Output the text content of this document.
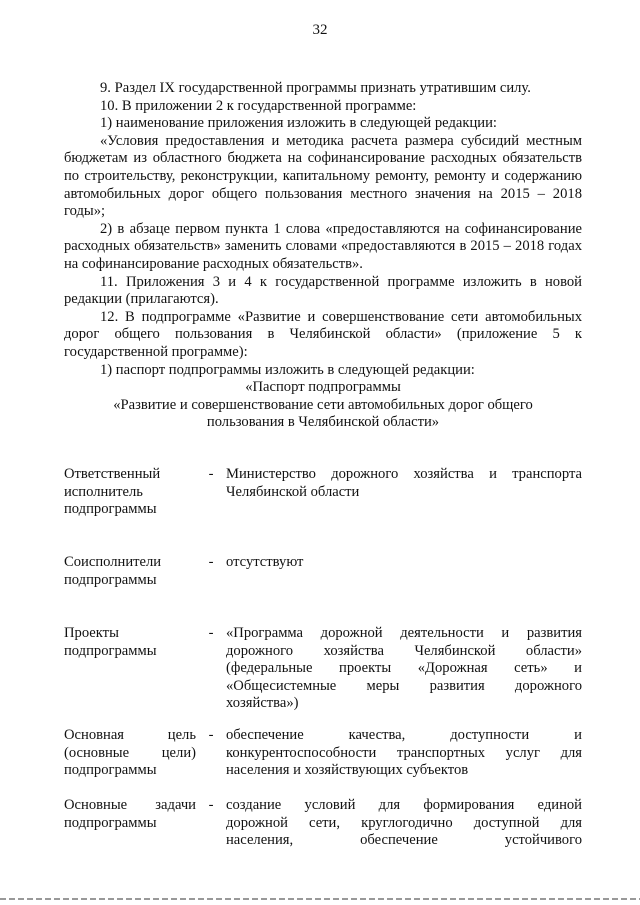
32

9. Раздел IX государственной программы признать утратившим силу.

10. В приложении 2 к государственной программе:

1) наименование приложения изложить в следующей редакции:

«Условия предоставления и методика расчета размера субсидий местным бюджетам из областного бюджета на софинансирование расходных обязательств по строительству, реконструкции, капитальному ремонту, ремонту и содержанию автомобильных дорог общего пользования местного значения на 2015 – 2018 годы»;

2) в абзаце первом пункта 1 слова «предоставляются на софинансирование расходных обязательств» заменить словами «предоставляются в 2015 – 2018 годах на софинансирование расходных обязательств».

11. Приложения 3 и 4 к государственной программе изложить в новой редакции (прилагаются).

12. В подпрограмме «Развитие и совершенствование сети автомобильных дорог общего пользования в Челябинской области» (приложение 5 к государственной программе):

1) паспорт подпрограммы изложить в следующей редакции:

«Паспорт подпрограммы

«Развитие и совершенствование сети автомобильных дорог общего

пользования в Челябинской области»

Ответственный
исполнитель
подпрограммы
- Министерство дорожного хозяйства и транспорта
Челябинской области
Соисполнители
подпрограммы
- отсутствуют
Проекты
подпрограммы
- «Программа дорожной деятельности и развития
дорожного хозяйства Челябинской области»
(федеральные проекты «Дорожная сеть» и
«Общесистемные меры развития дорожного
хозяйства»)
Основная цель
(основные цели)
подпрограммы
- обеспечение качества, доступности и
конкурентоспособности транспортных услуг для
населения и хозяйствующих субъектов
Основные задачи
подпрограммы
- создание условий для формирования единой
дорожной сети, круглогодично доступной для
населения, обеспечение устойчивого
